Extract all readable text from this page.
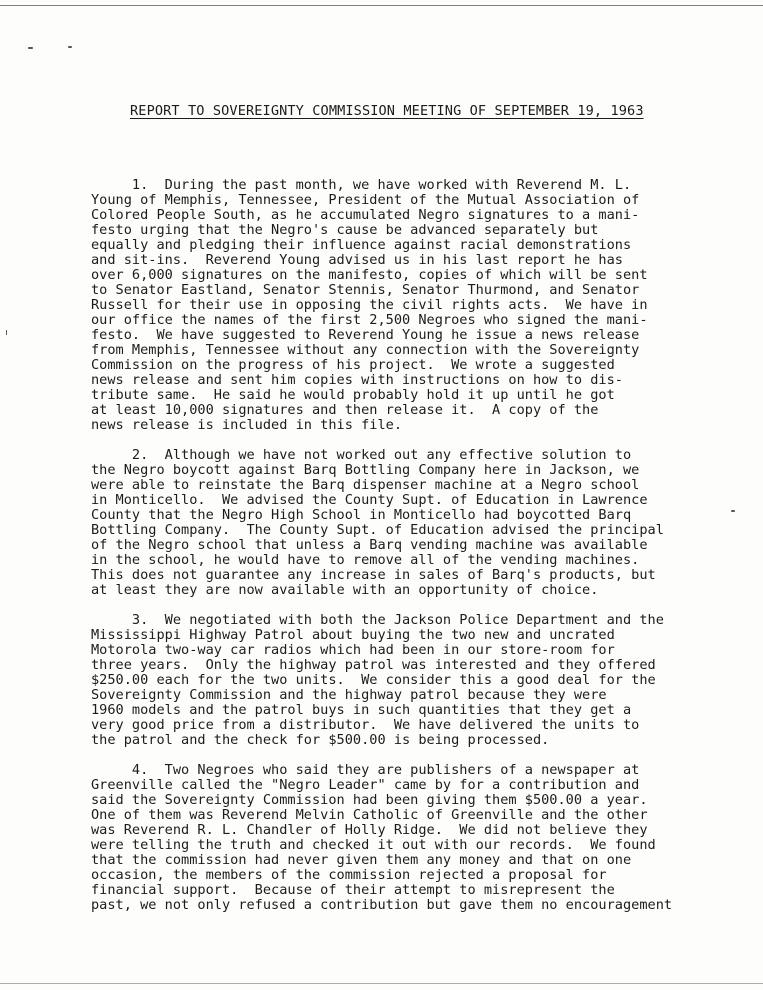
REPORT TO SOVEREIGNTY COMMISSION MEETING OF SEPTEMBER 19, 1963
1.  During the past month, we have worked with Reverend M. L.
Young of Memphis, Tennessee, President of the Mutual Association of
Colored People South, as he accumulated Negro signatures to a mani-
festo urging that the Negro's cause be advanced separately but
equally and pledging their influence against racial demonstrations
and sit-ins.  Reverend Young advised us in his last report he has
over 6,000 signatures on the manifesto, copies of which will be sent
to Senator Eastland, Senator Stennis, Senator Thurmond, and Senator
Russell for their use in opposing the civil rights acts.  We have in
our office the names of the first 2,500 Negroes who signed the mani-
festo.  We have suggested to Reverend Young he issue a news release
from Memphis, Tennessee without any connection with the Sovereignty
Commission on the progress of his project.  We wrote a suggested
news release and sent him copies with instructions on how to dis-
tribute same.  He said he would probably hold it up until he got
at least 10,000 signatures and then release it.  A copy of the
news release is included in this file.
2.  Although we have not worked out any effective solution to
the Negro boycott against Barq Bottling Company here in Jackson, we
were able to reinstate the Barq dispenser machine at a Negro school
in Monticello.  We advised the County Supt. of Education in Lawrence
County that the Negro High School in Monticello had boycotted Barq
Bottling Company.  The County Supt. of Education advised the principal
of the Negro school that unless a Barq vending machine was available
in the school, he would have to remove all of the vending machines.
This does not guarantee any increase in sales of Barq's products, but
at least they are now available with an opportunity of choice.
3.  We negotiated with both the Jackson Police Department and the
Mississippi Highway Patrol about buying the two new and uncrated
Motorola two-way car radios which had been in our store-room for
three years.  Only the highway patrol was interested and they offered
$250.00 each for the two units.  We consider this a good deal for the
Sovereignty Commission and the highway patrol because they were
1960 models and the patrol buys in such quantities that they get a
very good price from a distributor.  We have delivered the units to
the patrol and the check for $500.00 is being processed.
4.  Two Negroes who said they are publishers of a newspaper at
Greenville called the "Negro Leader" came by for a contribution and
said the Sovereignty Commission had been giving them $500.00 a year.
One of them was Reverend Melvin Catholic of Greenville and the other
was Reverend R. L. Chandler of Holly Ridge.  We did not believe they
were telling the truth and checked it out with our records.  We found
that the commission had never given them any money and that on one
occasion, the members of the commission rejected a proposal for
financial support.  Because of their attempt to misrepresent the
past, we not only refused a contribution but gave them no encouragement
